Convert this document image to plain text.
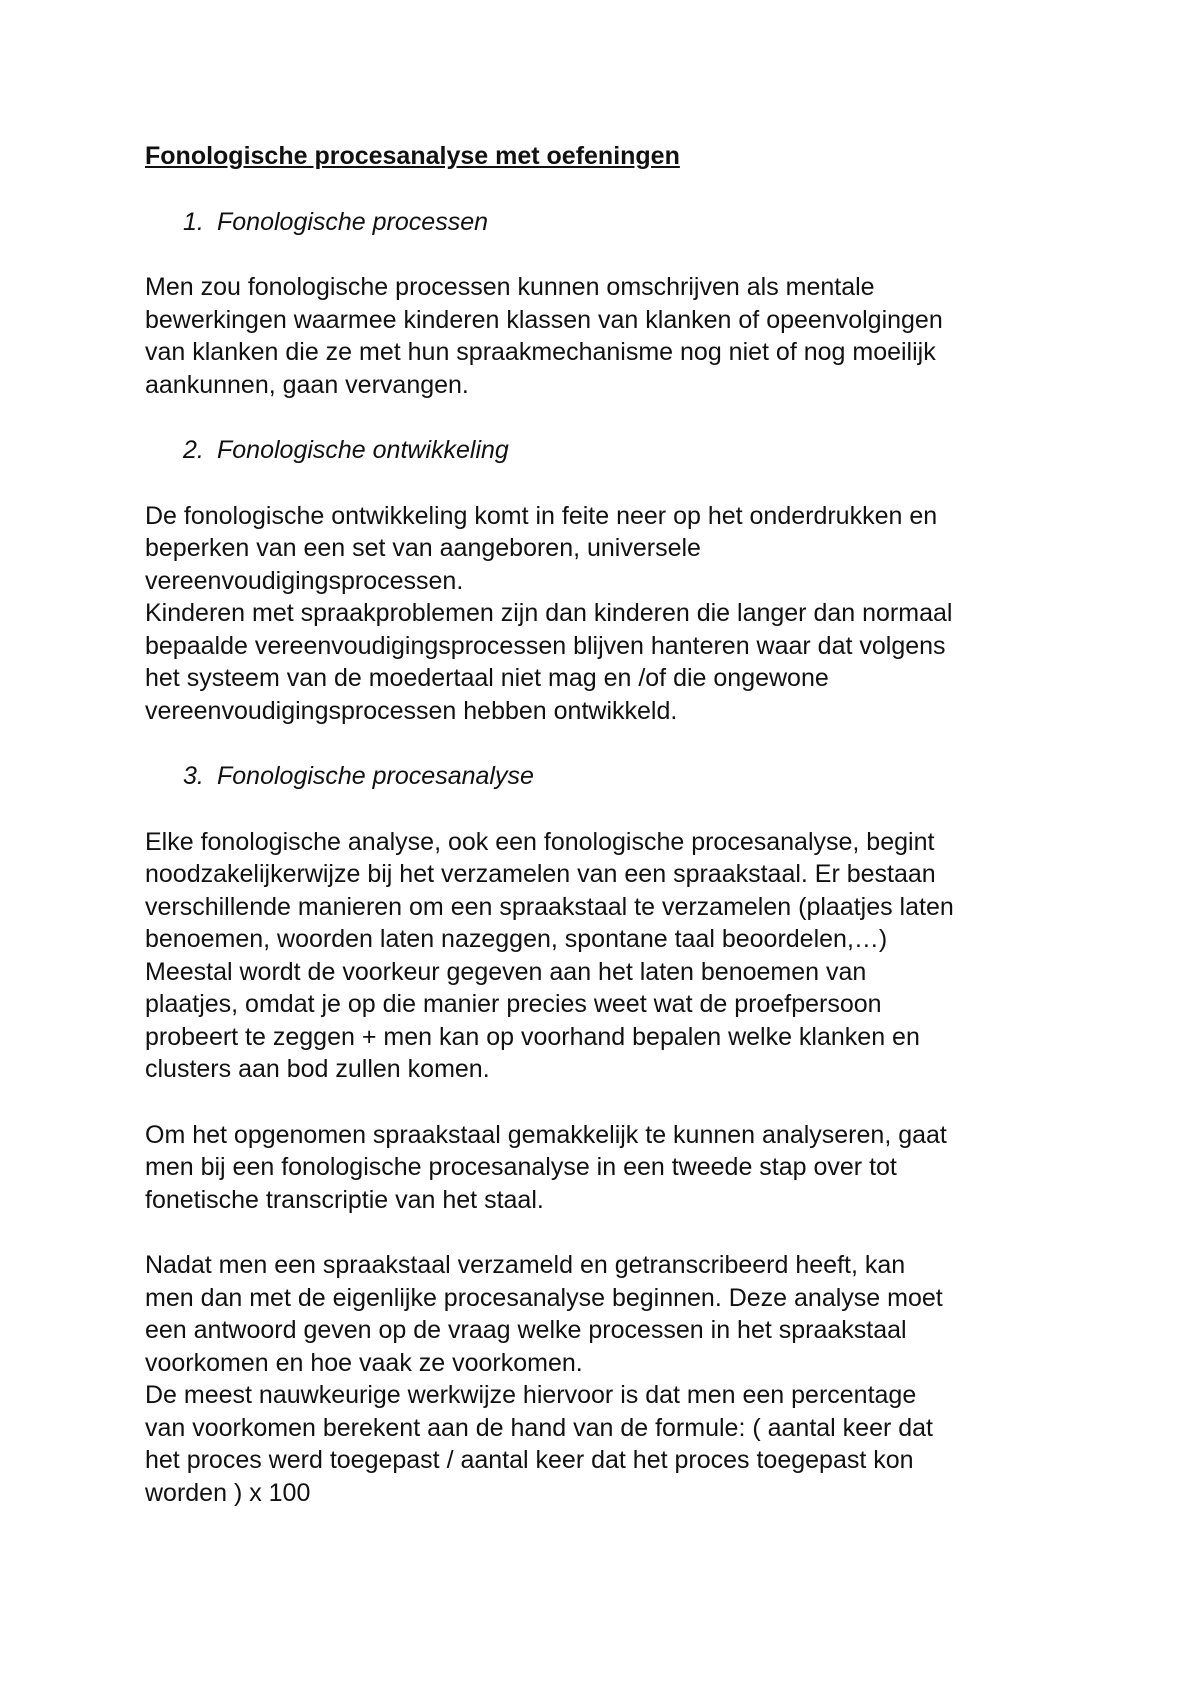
Fonologische procesanalyse met oefeningen
1. Fonologische processen
Men zou fonologische processen kunnen omschrijven als mentale
bewerkingen waarmee kinderen klassen van klanken of opeenvolgingen
van klanken die ze met hun spraakmechanisme nog niet of nog moeilijk
aankunnen, gaan vervangen.
2. Fonologische ontwikkeling
De fonologische ontwikkeling komt in feite neer op het onderdrukken en
beperken van een set van aangeboren, universele
vereenvoudigingsprocessen.
Kinderen met spraakproblemen zijn dan kinderen die langer dan normaal
bepaalde vereenvoudigingsprocessen blijven hanteren waar dat volgens
het systeem van de moedertaal niet mag en /of die ongewone
vereenvoudigingsprocessen hebben ontwikkeld.
3. Fonologische procesanalyse
Elke fonologische analyse, ook een fonologische procesanalyse, begint
noodzakelijkerwijze bij het verzamelen van een spraakstaal. Er bestaan
verschillende manieren om een spraakstaal te verzamelen (plaatjes laten
benoemen, woorden laten nazeggen, spontane taal beoordelen,…)
Meestal wordt de voorkeur gegeven aan het laten benoemen van
plaatjes, omdat je op die manier precies weet wat de proefpersoon
probeert te zeggen + men kan op voorhand bepalen welke klanken en
clusters aan bod zullen komen.
Om het opgenomen spraakstaal gemakkelijk te kunnen analyseren, gaat
men bij een fonologische procesanalyse in een tweede stap over tot
fonetische transcriptie van het staal.
Nadat men een spraakstaal verzameld en getranscribeerd heeft, kan
men dan met de eigenlijke procesanalyse beginnen. Deze analyse moet
een antwoord geven op de vraag welke processen in het spraakstaal
voorkomen en hoe vaak ze voorkomen.
De meest nauwkeurige werkwijze hiervoor is dat men een percentage
van voorkomen berekent aan de hand van de formule: ( aantal keer dat
het proces werd toegepast / aantal keer dat het proces toegepast kon
worden ) x 100
